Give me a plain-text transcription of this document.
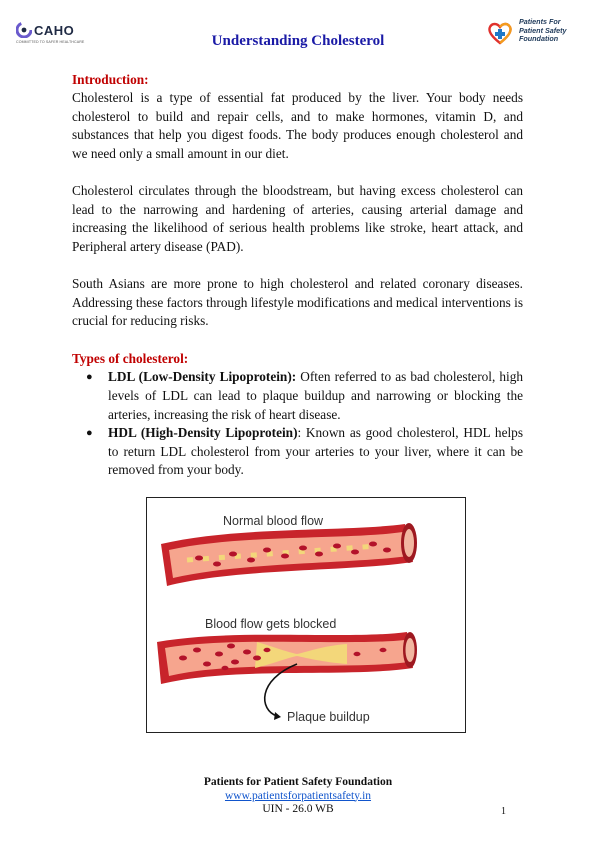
CAHO
COMMITTED TO SAFER HEALTHCARE	Understanding Cholesterol
Patients For
Patient Safety
Foundation
Introduction:

Cholesterol is a type of essential fat produced by the liver. Your body needs cholesterol to build and repair cells, and to make hormones, vitamin D, and substances that help you digest foods. The body produces enough cholesterol and we need only a small amount in our diet.

Cholesterol circulates through the bloodstream, but having excess cholesterol can lead to the narrowing and hardening of arteries, causing arterial damage and increasing the likelihood of serious health problems like stroke, heart attack, and Peripheral artery disease (PAD).

South Asians are more prone to high cholesterol and related coronary diseases. Addressing these factors through lifestyle modifications and medical interventions is crucial for reducing risks.

Types of cholesterol:
● LDL (Low-Density Lipoprotein): Often referred to as bad cholesterol, high levels of LDL can lead to plaque buildup and narrowing or blocking the arteries, increasing the risk of heart disease.
● HDL (High-Density Lipoprotein): Known as good cholesterol, HDL helps to return LDL cholesterol from your arteries to your liver, where it can be removed from your body.
Normal blood flow
Blood flow gets blocked
Plaque buildup
Patients for Patient Safety Foundation
www.patientsforpatientsafety.in
UIN - 26.0 WB	1
